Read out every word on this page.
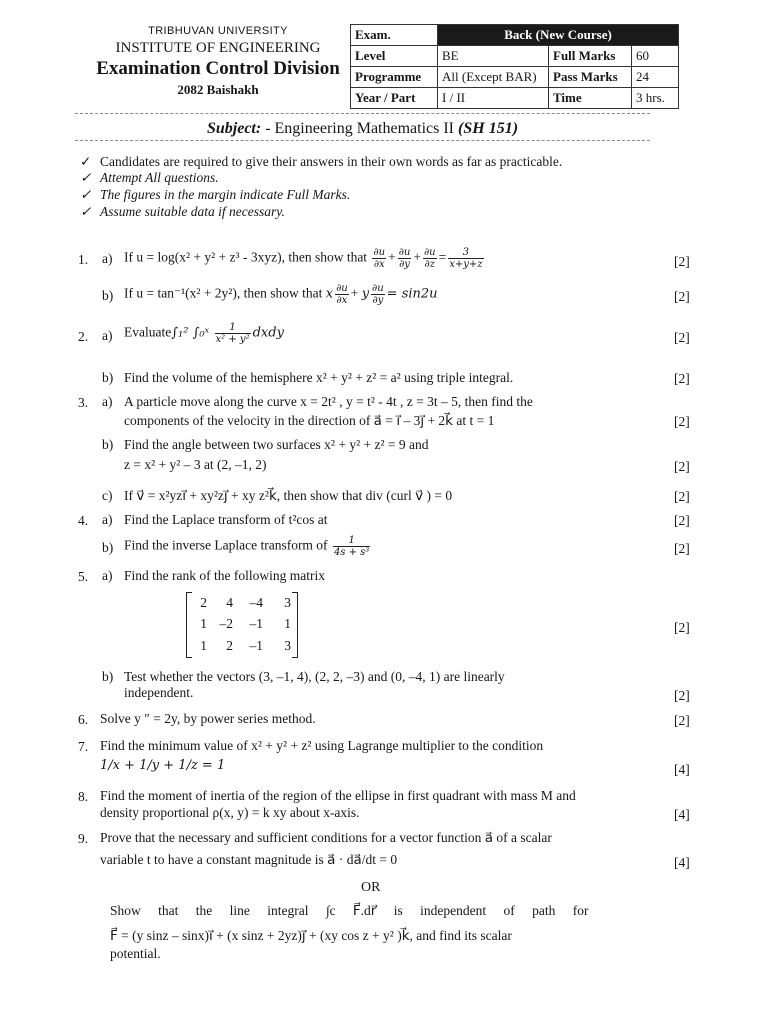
TRIBHUVAN UNIVERSITY
INSTITUTE OF ENGINEERING
Examination Control Division
2082 Baishakh
Exam.	Back (New Course)		
Level	BE	Full Marks	60
Programme	All (Except BAR)	Pass Marks	24
Year / Part	I / II	Time	3 hrs.
Subject: - Engineering Mathematics II (SH 151)
✓ Candidates are required to give their answers in their own words as far as practicable.
✓ Attempt All questions.
✓ The figures in the margin indicate Full Marks.
✓ Assume suitable data if necessary.
1. a) If u = log(x² + y² + z³ - 3xyz), then show that $\frac{\partial u}{\partial x} + \frac{\partial u}{\partial y} + \frac{\partial u}{\partial z} = \frac{3}{x+y+z}$	[2]
b) If u = tan⁻¹(x² + 2y²), then show that x $\frac{\partial u}{\partial x} + y \frac{\partial u}{\partial y} = \sin 2u$	[2]
2. a) Evaluate∫₁² ∫₀ˣ $\frac{1}{\text{x² + y²}}$ dxdy	[2]
b) Find the volume of the hemisphere x² + y² + z² = a² using triple integral.	[2]
3. a) A particle move along the curve x = 2t² , y = t² - 4t , z = 3t – 5, then find the
components of the velocity in the direction of a⃗ = i⃗ – 3j⃗ + 2k⃗ at t = 1	[2]
b) Find the angle between two surfaces x² + y² + z² = 9 and
z = x² + y² – 3 at (2, –1, 2)	[2]
c) If v⃗ = x²yzi⃗ + xy²zj⃗ + xy z²k⃗, then show that div (curl v⃗ ) = 0	[2]
4. a) Find the Laplace transform of t²cos at	[2]
b) Find the inverse Laplace transform of $\frac{1}{\text{4s + s³}}$	[2]
5. a) Find the rank of the following matrix
2	4	–4	3
1 –2	–1	1
1	2	–1	3
[2]
b) Test whether the vectors (3, –1, 4), (2, 2, –3) and (0, –4, 1) are linearly
independent.	[2]
6. Solve y ″ = 2y, by power series method.	[2]
7. Find the minimum value of x² + y² + z² using Lagrange multiplier to the condition
1/x + 1/y + 1/z = 1	[4]
8. Find the moment of inertia of the region of the ellipse in first quadrant with mass M and
density proportional ρ(x, y) = k xy about x-axis.	[4]
9. Prove that the necessary and sufficient conditions for a vector function a⃗ of a scalar
variable t to have a constant magnitude is a⃗ · da⃗/dt = 0	[4]
OR
Show that the line integral ∫c F⃗.dr⃗ is independent of path for
F⃗ = (y sinz – sinx)i⃗ + (x sinz + 2yz)j⃗ + (xy cos z + y² )k⃗, and find its scalar
potential.
